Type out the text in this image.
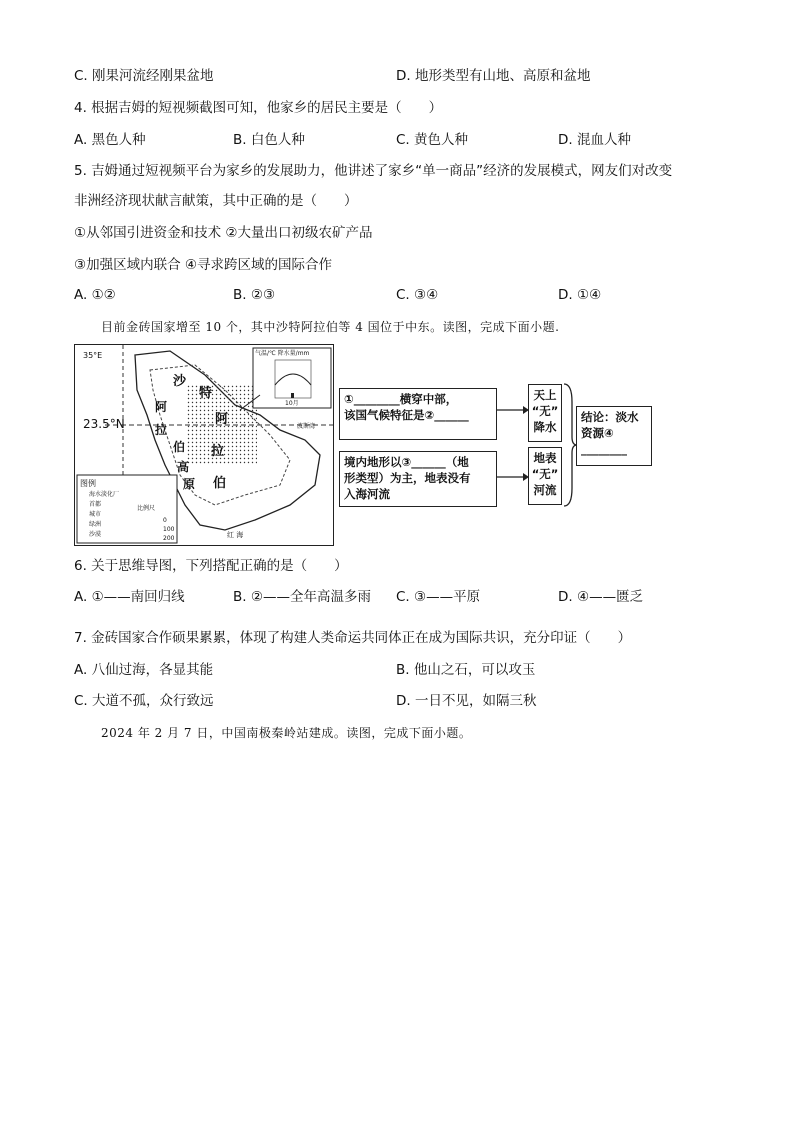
C. 刚果河流经刚果盆地	D. 地形类型有山地、高原和盆地
4. 根据吉姆的短视频截图可知，他家乡的居民主要是（　　）
A. 黑色人种	B. 白色人种	C. 黄色人种	D. 混血人种
5. 吉姆通过短视频平台为家乡的发展助力，他讲述了家乡“单一商品”经济的发展模式，网友们对改变
非洲经济现状献言献策，其中正确的是（　　）
①从邻国引进资金和技术 ②大量出口初级农矿产品
③加强区域内联合 ④寻求跨区域的国际合作
A. ①②	B. ②③	C. ③④	D. ①④
目前金砖国家增至 10 个，其中沙特阿拉伯等 4 国位于中东。读图，完成下面小题.
35°E
23.5°N
沙
特
阿
拉
伯
高
原
阿
拉
伯
气温/℃ 降水量/mm
10月
图例
海水淡化厂
首都
城市
绿洲
沙漠
比例尺
0
100
200	红 海
波斯湾
①________横穿中部，
该国气候特征是②______
境内地形以③______（地
形类型）为主，地表没有
入海河流
天上
“无”
降水
地表
“无”
河流
结论：淡水
资源④
________
6. 关于思维导图，下列搭配正确的是（　　）
A. ①——南回归线	B. ②——全年高温多雨 C. ③——平原	D. ④——匮乏
7. 金砖国家合作硕果累累，体现了构建人类命运共同体正在成为国际共识，充分印证（　　）
A. 八仙过海，各显其能	B. 他山之石，可以攻玉
C. 大道不孤，众行致远	D. 一日不见，如隔三秋
2024 年 2 月 7 日，中国南极秦岭站建成。读图，完成下面小题。
